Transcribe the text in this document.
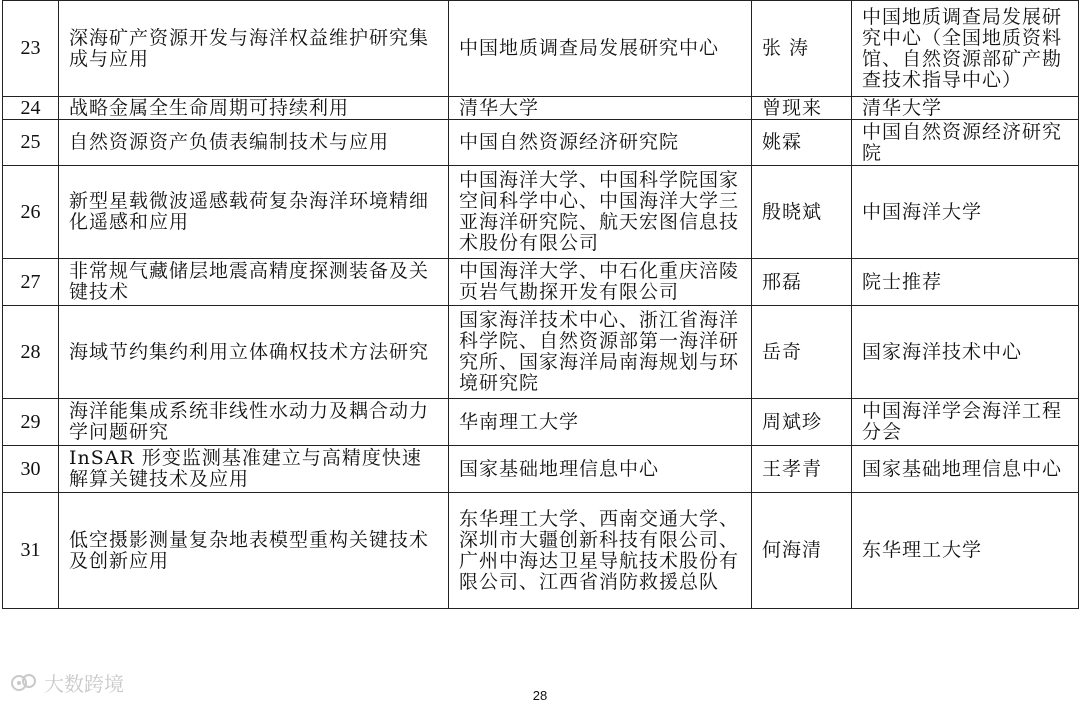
23	深海矿产资源开发与海洋权益维护研究集成与应用	中国地质调查局发展研究中心	张 涛	中国地质调查局发展研究中心（全国地质资料馆、自然资源部矿产勘查技术指导中心）
24	战略金属全生命周期可持续利用	清华大学	曾现来	清华大学
25	自然资源资产负债表编制技术与应用	中国自然资源经济研究院	姚霖	中国自然资源经济研究院
26	新型星载微波遥感载荷复杂海洋环境精细化遥感和应用	中国海洋大学、中国科学院国家空间科学中心、中国海洋大学三亚海洋研究院、航天宏图信息技术股份有限公司	殷晓斌	中国海洋大学
27	非常规气藏储层地震高精度探测装备及关键技术	中国海洋大学、中石化重庆涪陵页岩气勘探开发有限公司	邢磊	院士推荐
28	海域节约集约利用立体确权技术方法研究	国家海洋技术中心、浙江省海洋科学院、自然资源部第一海洋研究所、国家海洋局南海规划与环境研究院	岳奇	国家海洋技术中心
29	海洋能集成系统非线性水动力及耦合动力学问题研究	华南理工大学	周斌珍	中国海洋学会海洋工程分会
30	InSAR 形变监测基准建立与高精度快速解算关键技术及应用	国家基础地理信息中心	王孝青	国家基础地理信息中心
31	低空摄影测量复杂地表模型重构关键技术及创新应用	东华理工大学、西南交通大学、深圳市大疆创新科技有限公司、广州中海达卫星导航技术股份有限公司、江西省消防救援总队	何海清	东华理工大学
大数跨境	28
